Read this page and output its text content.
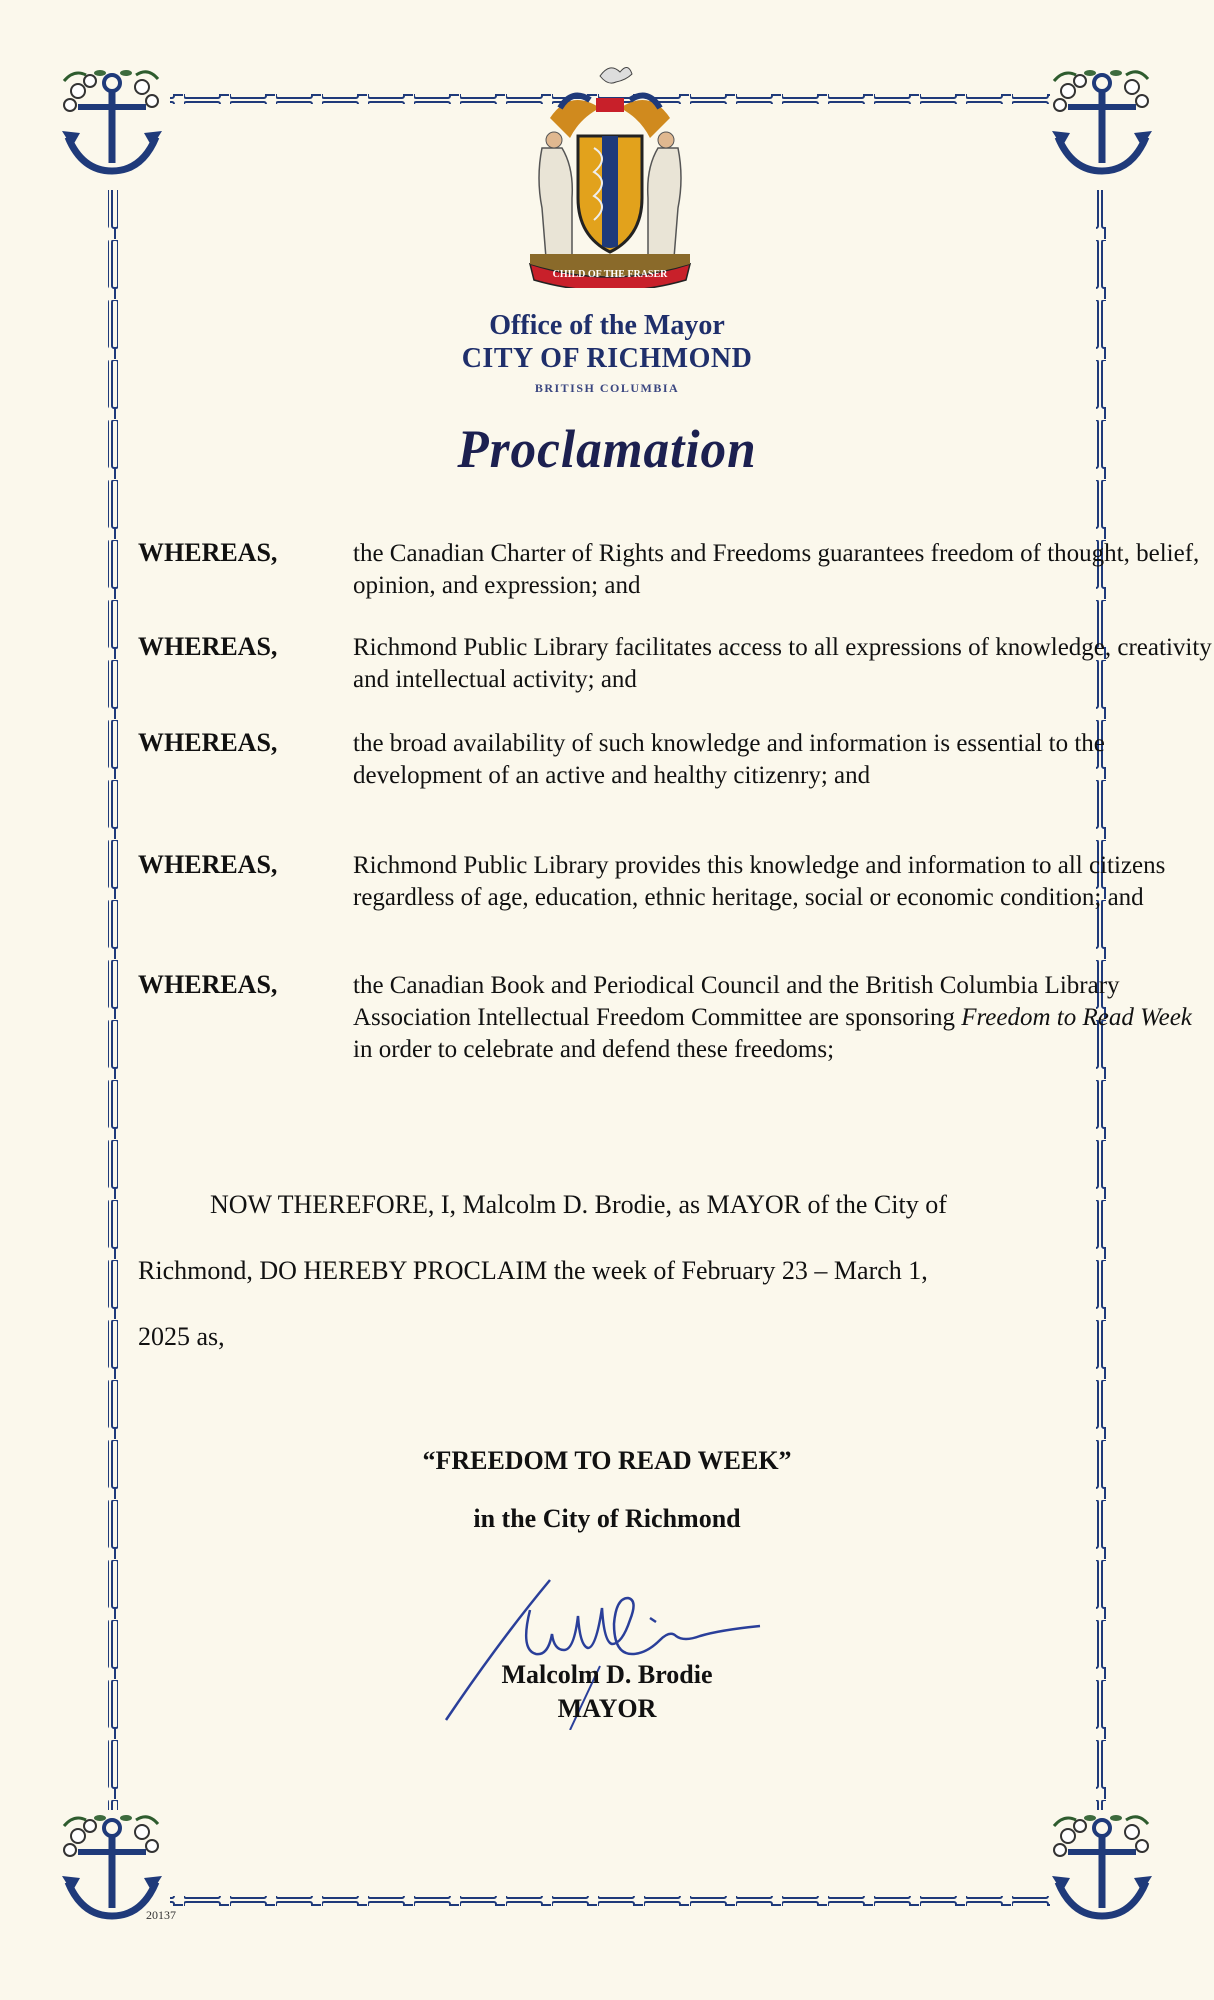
CHILD OF THE FRASER
Office of the Mayor
CITY OF RICHMOND
BRITISH COLUMBIA
Proclamation
WHEREAS,	the Canadian Charter of Rights and Freedoms guarantees freedom of thought, belief, opinion, and expression; and
WHEREAS,	Richmond Public Library facilitates access to all expressions of knowledge, creativity and intellectual activity; and
WHEREAS,	the broad availability of such knowledge and information is essential to the development of an active and healthy citizenry; and
WHEREAS,	Richmond Public Library provides this knowledge and information to all citizens regardless of age, education, ethnic heritage, social or economic condition; and
WHEREAS,	the Canadian Book and Periodical Council and the British Columbia Library Association Intellectual Freedom Committee are sponsoring Freedom to Read Week in order to celebrate and defend these freedoms;
NOW THEREFORE, I, Malcolm D. Brodie, as MAYOR of the City of
Richmond, DO HEREBY PROCLAIM the week of February 23 – March 1,
2025 as,
“FREEDOM TO READ WEEK”
in the City of Richmond
Malcolm D. Brodie
MAYOR
20137
